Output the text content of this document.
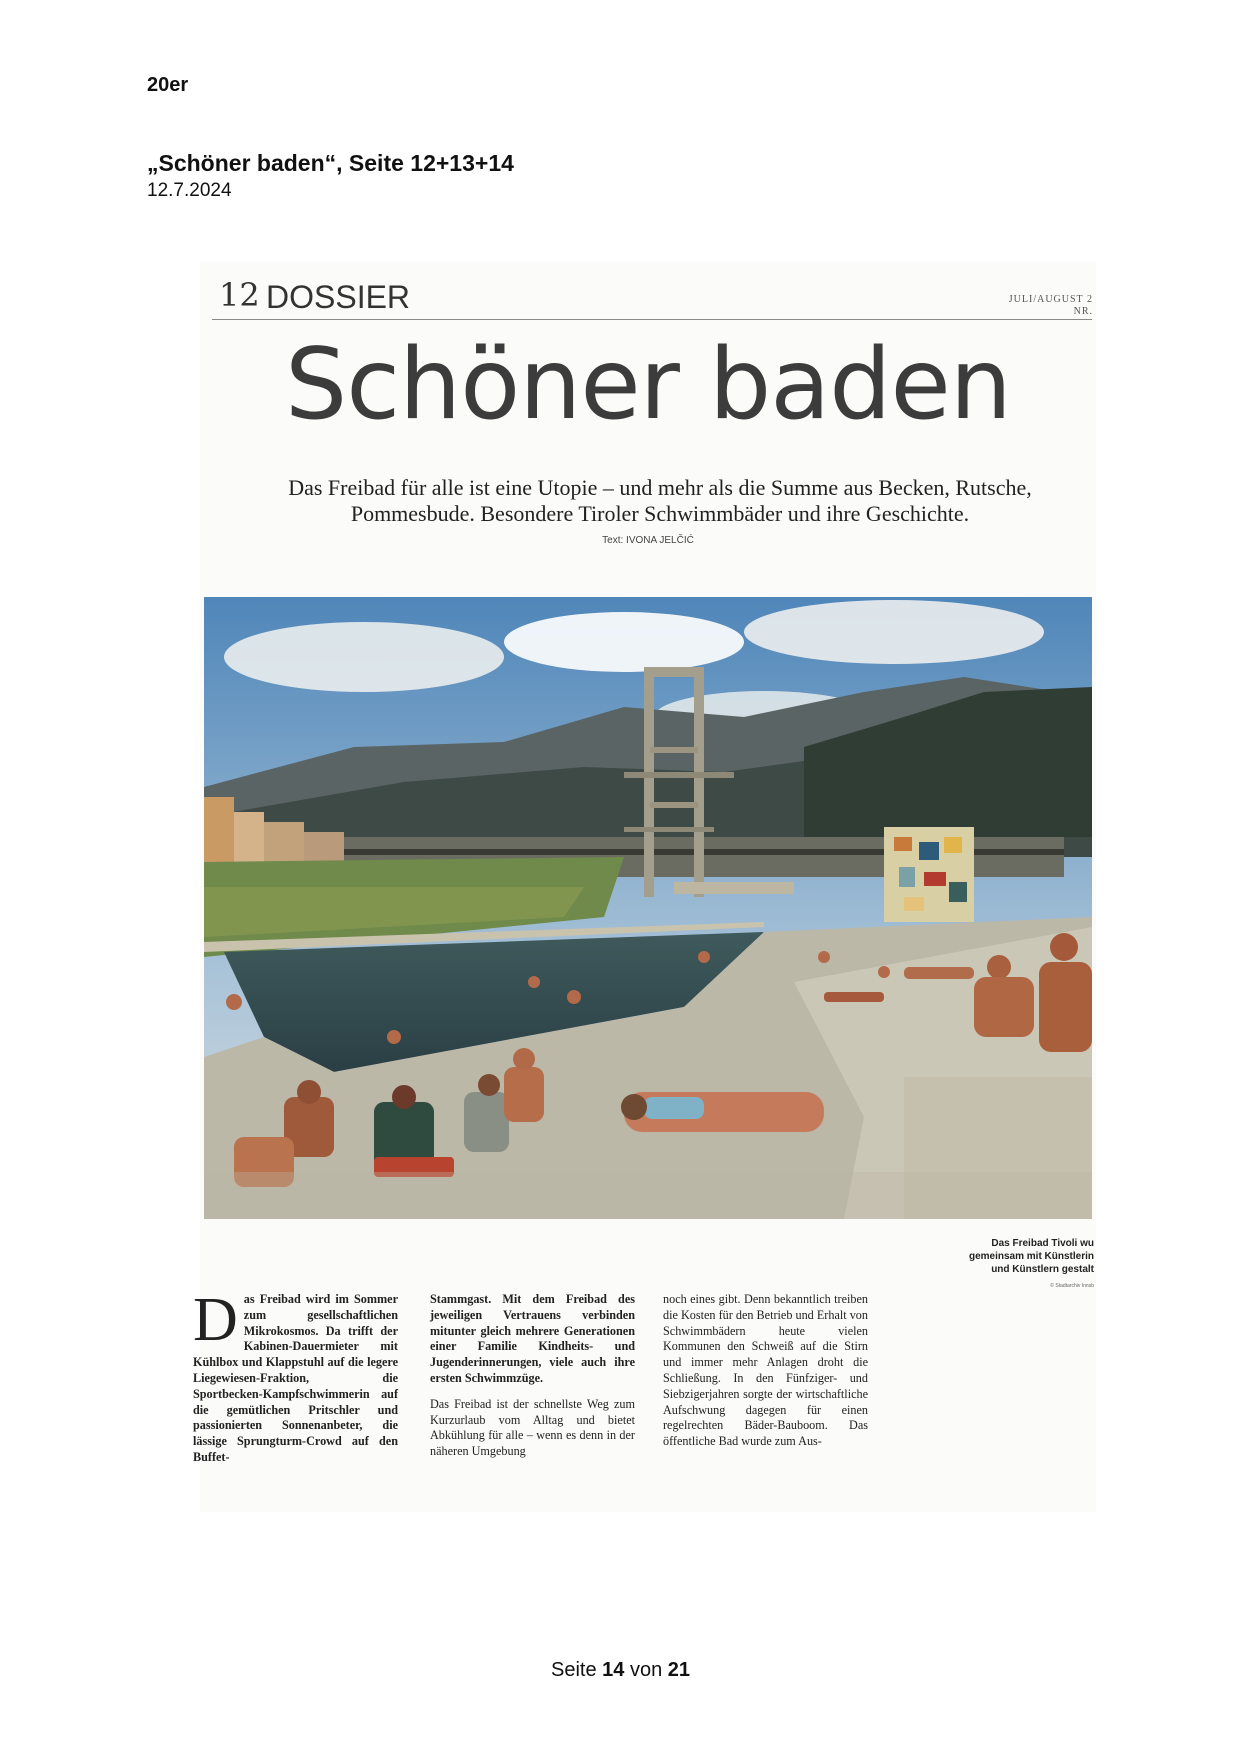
20er
„Schöner baden“, Seite 12+13+14
12.7.2024
12 DOSSIER	JULI/AUGUST 2
NR.
Schöner baden
Das Freibad für alle ist eine Utopie – und mehr als die Summe aus Becken, Rutsche, Pommesbude. Besondere Tiroler Schwimmbäder und ihre Geschichte.
Text: IVONA JELČIĆ
Das Freibad Tivoli wu
gemeinsam mit Künstlerin
und Künstlern gestalt
© Stadtarchiv Innsb
D as Freibad wird im Sommer zum gesellschaftlichen Mikrokosmos. Da trifft der Kabinen-Dauermieter mit Kühlbox und Klappstuhl auf die legere Liegewiesen-Fraktion, die Sportbecken-Kampfschwimmerin auf die gemütlichen Pritschler und passionierten Sonnenanbeter, die lässige Sprungturm-Crowd auf den Buffet-

Stammgast. Mit dem Freibad des jeweiligen Vertrauens verbinden mitunter gleich mehrere Generationen einer Familie Kindheits- und Jugenderinnerungen, viele auch ihre ersten Schwimmzüge.

Das Freibad ist der schnellste Weg zum Kurzurlaub vom Alltag und bietet Abkühlung für alle – wenn es denn in der näheren Umgebung

noch eines gibt. Denn bekanntlich treiben die Kosten für den Betrieb und Erhalt von Schwimmbädern heute vielen Kommunen den Schweiß auf die Stirn und immer mehr Anlagen droht die Schließung. In den Fünfziger- und Siebzigerjahren sorgte der wirtschaftliche Aufschwung dagegen für einen regelrechten Bäder-Bauboom. Das öffentliche Bad wurde zum Aus-

Seite 14 von 21
